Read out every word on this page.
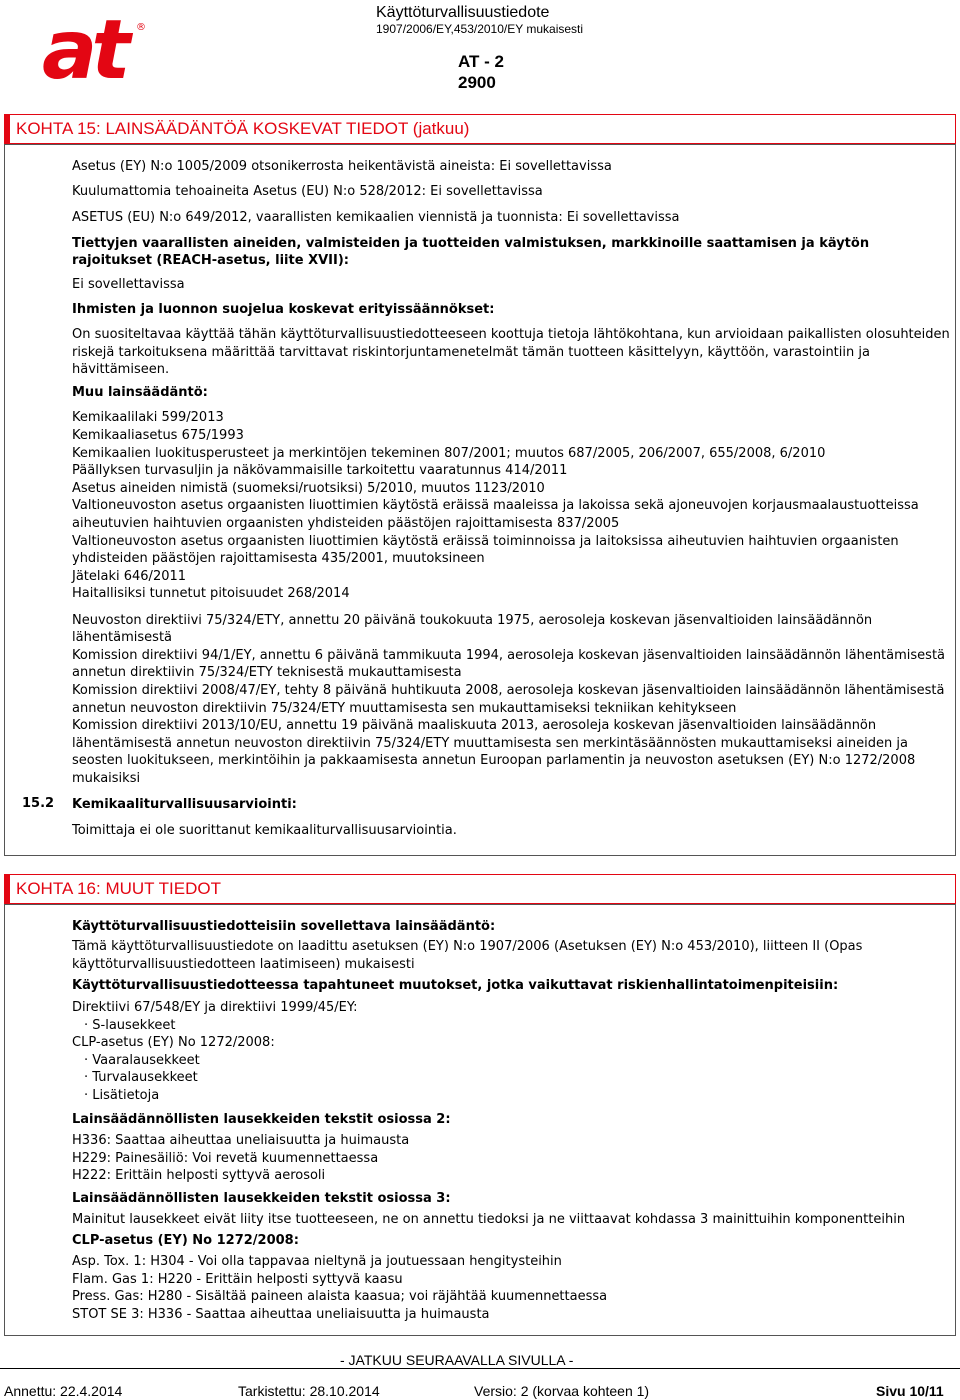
at	®
Käyttöturvallisuustiedote
1907/2006/EY,453/2010/EY mukaisesti
AT - 2
2900
KOHTA 15: LAINSÄÄDÄNTÖÄ KOSKEVAT TIEDOT (jatkuu)
Asetus (EY) N:o 1005/2009 otsonikerrosta heikentävistä aineista: Ei sovellettavissa
Kuulumattomia tehoaineita Asetus (EU) N:o 528/2012: Ei sovellettavissa
ASETUS (EU) N:o 649/2012, vaarallisten kemikaalien viennistä ja tuonnista: Ei sovellettavissa
Tiettyjen vaarallisten aineiden, valmisteiden ja tuotteiden valmistuksen, markkinoille saattamisen ja käytön
rajoitukset (REACH-asetus, liite XVII):
Ei sovellettavissa
Ihmisten ja luonnon suojelua koskevat erityissäännökset:
On suositeltavaa käyttää tähän käyttöturvallisuustiedotteeseen koottuja tietoja lähtökohtana, kun arvioidaan paikallisten olosuhteiden
riskejä tarkoituksena määrittää tarvittavat riskintorjuntamenetelmät tämän tuotteen käsittelyyn, käyttöön, varastointiin ja
hävittämiseen.
Muu lainsäädäntö:
Kemikaalilaki 599/2013
Kemikaaliasetus 675/1993
Kemikaalien luokitusperusteet ja merkintöjen tekeminen 807/2001; muutos 687/2005, 206/2007, 655/2008, 6/2010
Päällyksen turvasuljin ja näkövammaisille tarkoitettu vaaratunnus 414/2011
Asetus aineiden nimistä (suomeksi/ruotsiksi) 5/2010, muutos 1123/2010
Valtioneuvoston asetus orgaanisten liuottimien käytöstä eräissä maaleissa ja lakoissa sekä ajoneuvojen korjausmaalaustuotteissa
aiheutuvien haihtuvien orgaanisten yhdisteiden päästöjen rajoittamisesta 837/2005
Valtioneuvoston asetus orgaanisten liuottimien käytöstä eräissä toiminnoissa ja laitoksissa aiheutuvien haihtuvien orgaanisten
yhdisteiden päästöjen rajoittamisesta 435/2001, muutoksineen
Jätelaki 646/2011
Haitallisiksi tunnetut pitoisuudet 268/2014
Neuvoston direktiivi 75/324/ETY, annettu 20 päivänä toukokuuta 1975, aerosoleja koskevan jäsenvaltioiden lainsäädännön
lähentämisestä
Komission direktiivi 94/1/EY, annettu 6 päivänä tammikuuta 1994, aerosoleja koskevan jäsenvaltioiden lainsäädännön lähentämisestä
annetun direktiivin 75/324/ETY teknisestä mukauttamisesta
Komission direktiivi 2008/47/EY, tehty 8 päivänä huhtikuuta 2008, aerosoleja koskevan jäsenvaltioiden lainsäädännön lähentämisestä
annetun neuvoston direktiivin 75/324/ETY muuttamisesta sen mukauttamiseksi tekniikan kehitykseen
Komission direktiivi 2013/10/EU, annettu 19 päivänä maaliskuuta 2013, aerosoleja koskevan jäsenvaltioiden lainsäädännön
lähentämisestä annetun neuvoston direktiivin 75/324/ETY muuttamisesta sen merkintäsäännösten mukauttamiseksi aineiden ja
seosten luokitukseen, merkintöihin ja pakkaamisesta annetun Euroopan parlamentin ja neuvoston asetuksen (EY) N:o 1272/2008
mukaisiksi
15.2 Kemikaaliturvallisuusarviointi:
Toimittaja ei ole suorittanut kemikaaliturvallisuusarviointia.
KOHTA 16: MUUT TIEDOT
Käyttöturvallisuustiedotteisiin sovellettava lainsäädäntö:
Tämä käyttöturvallisuustiedote on laadittu asetuksen (EY) N:o 1907/2006 (Asetuksen (EY) N:o 453/2010), liitteen II (Opas
käyttöturvallisuustiedotteen laatimiseen) mukaisesti
Käyttöturvallisuustiedotteessa tapahtuneet muutokset, jotka vaikuttavat riskienhallintatoimenpiteisiin:
Direktiivi 67/548/EY ja direktiivi 1999/45/EY:
· S-lausekkeet
CLP-asetus (EY) No 1272/2008:
· Vaaralausekkeet
· Turvalausekkeet
· Lisätietoja
Lainsäädännöllisten lausekkeiden tekstit osiossa 2:
H336: Saattaa aiheuttaa uneliaisuutta ja huimausta
H229: Painesäiliö: Voi revetä kuumennettaessa
H222: Erittäin helposti syttyvä aerosoli
Lainsäädännöllisten lausekkeiden tekstit osiossa 3:
Mainitut lausekkeet eivät liity itse tuotteeseen, ne on annettu tiedoksi ja ne viittaavat kohdassa 3 mainittuihin komponentteihin
CLP-asetus (EY) No 1272/2008:
Asp. Tox. 1: H304 - Voi olla tappavaa nieltynä ja joutuessaan hengitysteihin
Flam. Gas 1: H220 - Erittäin helposti syttyvä kaasu
Press. Gas: H280 - Sisältää paineen alaista kaasua; voi räjähtää kuumennettaessa
STOT SE 3: H336 - Saattaa aiheuttaa uneliaisuutta ja huimausta
- JATKUU SEURAAVALLA SIVULLA -
Annettu: 22.4.2014	Tarkistettu: 28.10.2014	Versio: 2 (korvaa kohteen 1)	Sivu 10/11
